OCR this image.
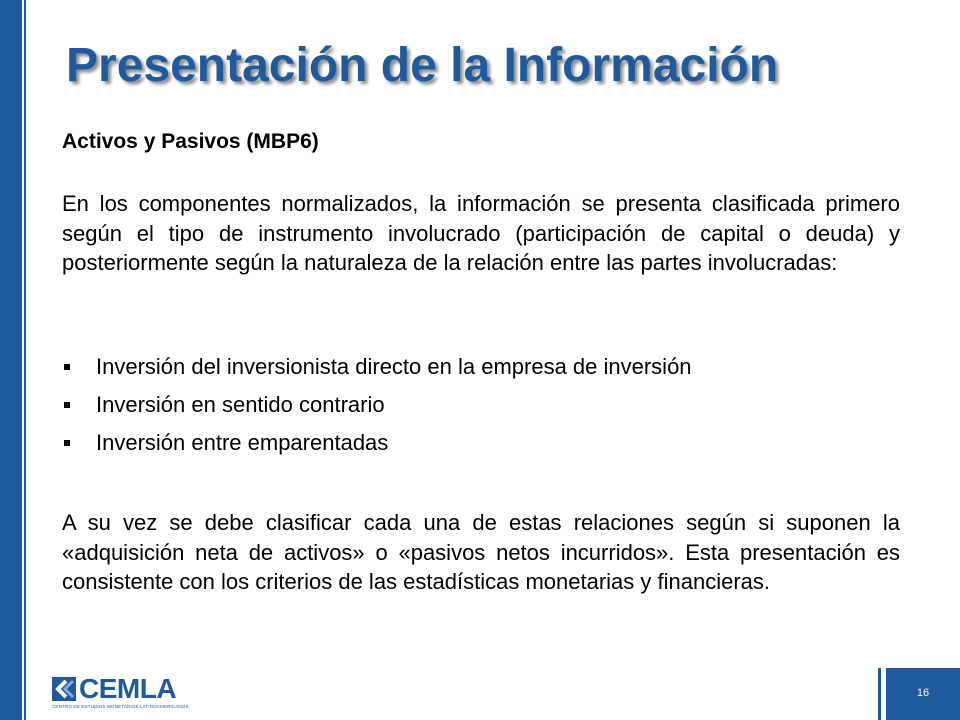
Presentación de la Información
Activos y Pasivos (MBP6)

En los componentes normalizados, la información se presenta clasificada primero según el tipo de instrumento involucrado (participación de capital o deuda) y posteriormente según la naturaleza de la relación entre las partes involucradas:

Inversión del inversionista directo en la empresa de inversión
Inversión en sentido contrario
Inversión entre emparentadas

A su vez se debe clasificar cada una de estas relaciones según si suponen la «adquisición neta de activos» o «pasivos netos incurridos». Esta presentación es consistente con los criterios de las estadísticas monetarias y financieras.

CEMLA
CENTRO DE ESTUDIOS MONETARIOS LATINOAMERICANOS
16
